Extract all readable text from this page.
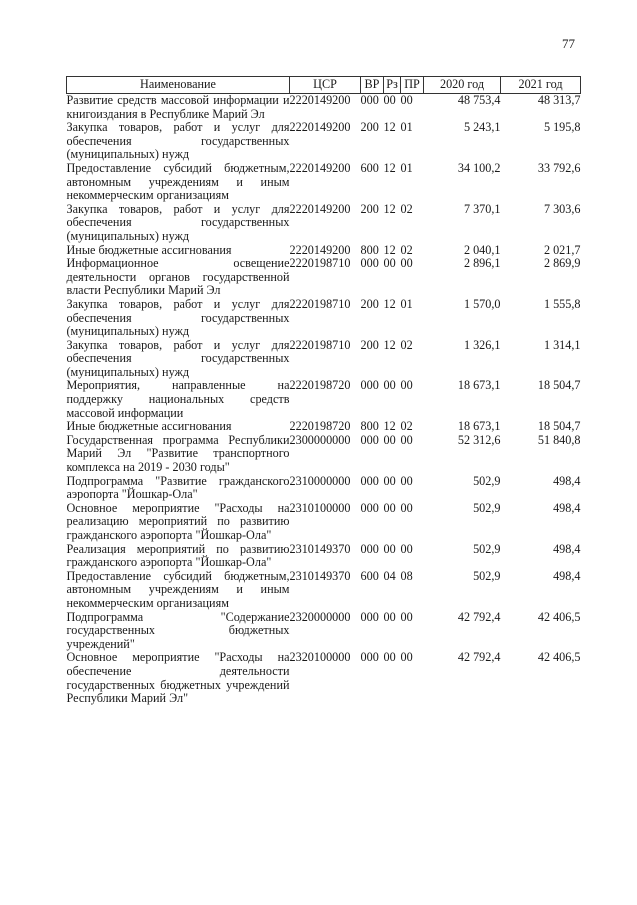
77
Наименование	ЦСР	ВР	Рз	ПР	2020 год	2021 год
Развитие средств массовой информации и книгоиздания в Республике Марий Эл	2220149200	000	00	00	48 753,4	48 313,7
Закупка товаров, работ и услуг для обеспечения государственных (муниципальных) нужд	2220149200	200	12	01	5 243,1	5 195,8
Предоставление субсидий бюджетным, автономным учреждениям и иным некоммерческим организациям	2220149200	600	12	01	34 100,2	33 792,6
Закупка товаров, работ и услуг для обеспечения государственных (муниципальных) нужд	2220149200	200	12	02	7 370,1	7 303,6
Иные бюджетные ассигнования	2220149200	800	12	02	2 040,1	2 021,7
Информационное освещение деятельности органов государственной власти Республики Марий Эл	2220198710	000	00	00	2 896,1	2 869,9
Закупка товаров, работ и услуг для обеспечения государственных (муниципальных) нужд	2220198710	200	12	01	1 570,0	1 555,8
Закупка товаров, работ и услуг для обеспечения государственных (муниципальных) нужд	2220198710	200	12	02	1 326,1	1 314,1
Мероприятия, направленные на поддержку национальных средств массовой информации	2220198720	000	00	00	18 673,1	18 504,7
Иные бюджетные ассигнования	2220198720	800	12	02	18 673,1	18 504,7
Государственная программа Республики Марий Эл "Развитие транспортного комплекса на 2019 - 2030 годы"	2300000000	000	00	00	52 312,6	51 840,8
Подпрограмма "Развитие гражданского аэропорта "Йошкар-Ола"	2310000000	000	00	00	502,9	498,4
Основное мероприятие "Расходы на реализацию мероприятий по развитию гражданского аэропорта "Йошкар-Ола"	2310100000	000	00	00	502,9	498,4
Реализация мероприятий по развитию гражданского аэропорта "Йошкар-Ола"	2310149370	000	00	00	502,9	498,4
Предоставление субсидий бюджетным, автономным учреждениям и иным некоммерческим организациям	2310149370	600	04	08	502,9	498,4
Подпрограмма "Содержание государственных бюджетных учреждений"	2320000000	000	00	00	42 792,4	42 406,5
Основное мероприятие "Расходы на обеспечение деятельности государственных бюджетных учреждений Республики Марий Эл"	2320100000	000	00	00	42 792,4	42 406,5
